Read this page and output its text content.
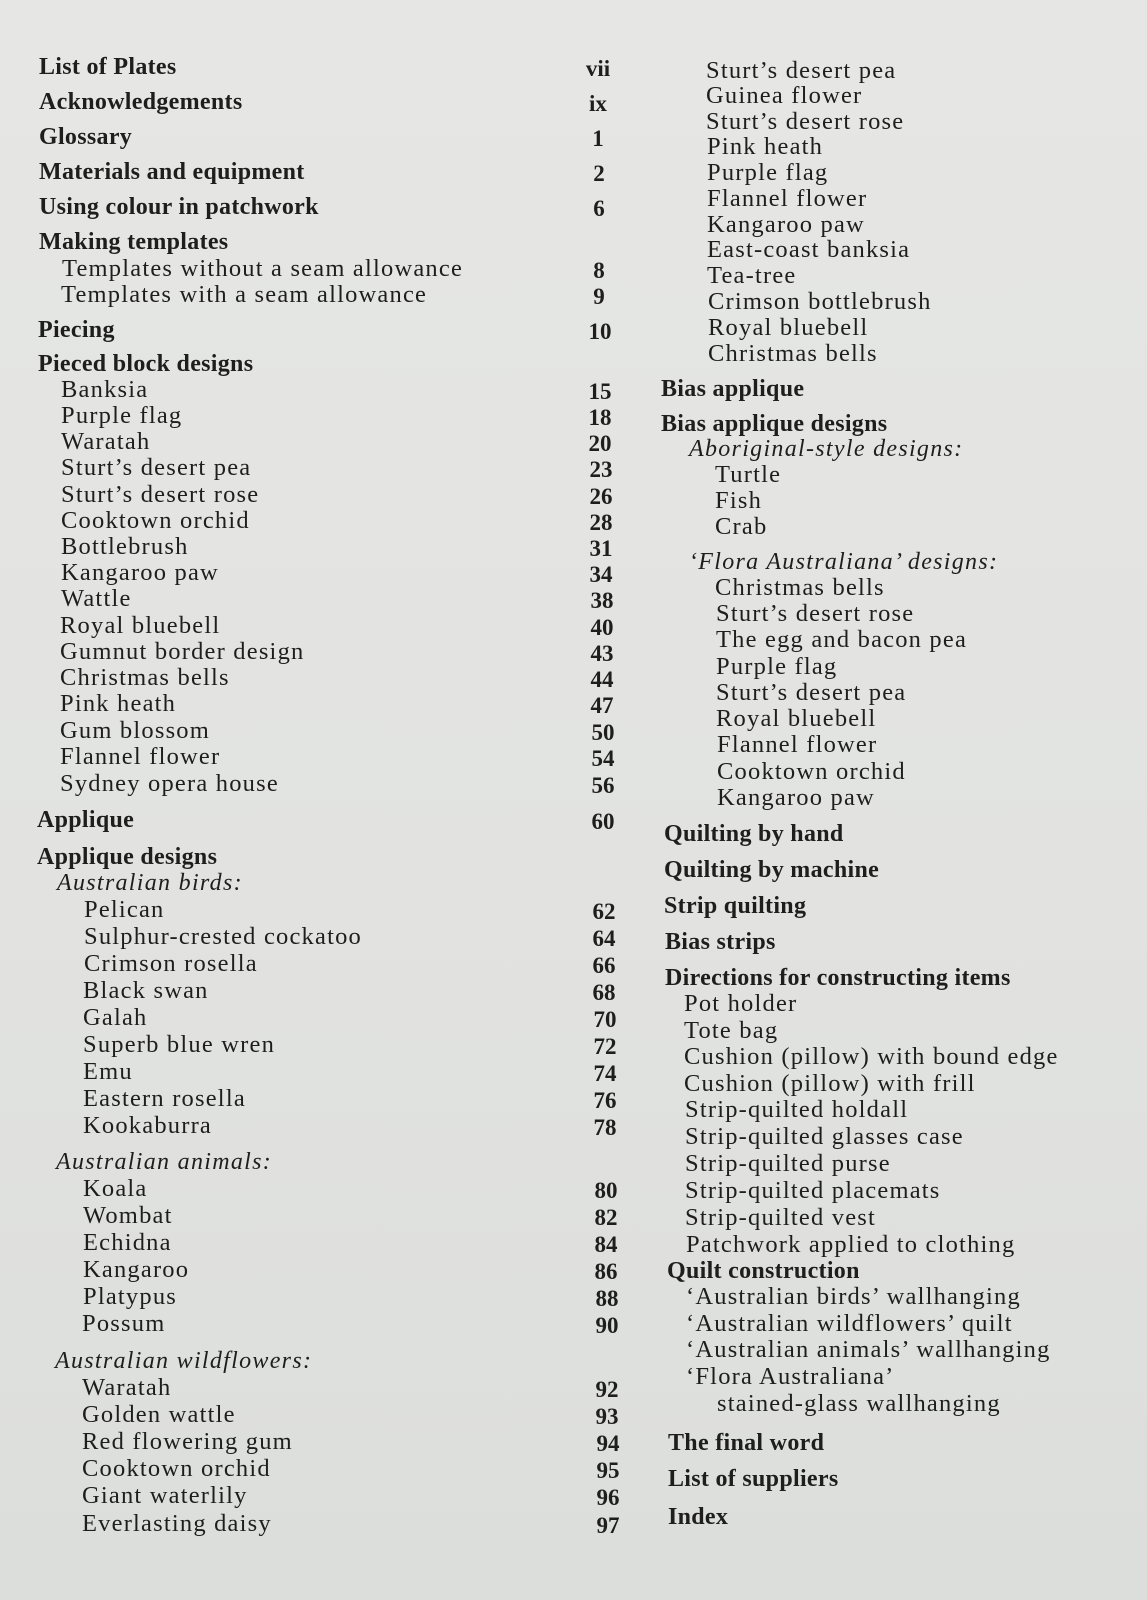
List of Plates	vii
Acknowledgements	ix
Glossary	1
Materials and equipment	2
Using colour in patchwork	6
Making templates
Templates without a seam allowance	8
Templates with a seam allowance	9
Piecing	10
Pieced block designs
Banksia	15
Purple flag	18
Waratah	20
Sturt’s desert pea	23
Sturt’s desert rose	26
Cooktown orchid	28
Bottlebrush	31
Kangaroo paw	34
Wattle	38
Royal bluebell	40
Gumnut border design	43
Christmas bells	44
Pink heath	47
Gum blossom	50
Flannel flower	54
Sydney opera house	56
Applique	60
Applique designs
Australian birds:
Pelican	62
Sulphur-crested cockatoo	64
Crimson rosella	66
Black swan	68
Galah	70
Superb blue wren	72
Emu	74
Eastern rosella	76
Kookaburra	78
Australian animals:
Koala	80
Wombat	82
Echidna	84
Kangaroo	86
Platypus	88
Possum	90
Australian wildflowers:
Waratah	92
Golden wattle	93
Red flowering gum	94
Cooktown orchid	95
Giant waterlily	96
Everlasting daisy	97
Sturt’s desert pea
Guinea flower
Sturt’s desert rose
Pink heath
Purple flag
Flannel flower
Kangaroo paw
East-coast banksia
Tea-tree
Crimson bottlebrush
Royal bluebell
Christmas bells
Bias applique
Bias applique designs
Aboriginal-style designs:
Turtle
Fish
Crab
‘Flora Australiana’ designs:
Christmas bells
Sturt’s desert rose
The egg and bacon pea
Purple flag
Sturt’s desert pea
Royal bluebell
Flannel flower
Cooktown orchid
Kangaroo paw
Quilting by hand
Quilting by machine
Strip quilting
Bias strips
Directions for constructing items
Pot holder
Tote bag
Cushion (pillow) with bound edge
Cushion (pillow) with frill
Strip-quilted holdall
Strip-quilted glasses case
Strip-quilted purse
Strip-quilted placemats
Strip-quilted vest
Patchwork applied to clothing
Quilt construction
‘Australian birds’ wallhanging
‘Australian wildflowers’ quilt
‘Australian animals’ wallhanging
‘Flora Australiana’
stained-glass wallhanging
The final word
List of suppliers
Index
